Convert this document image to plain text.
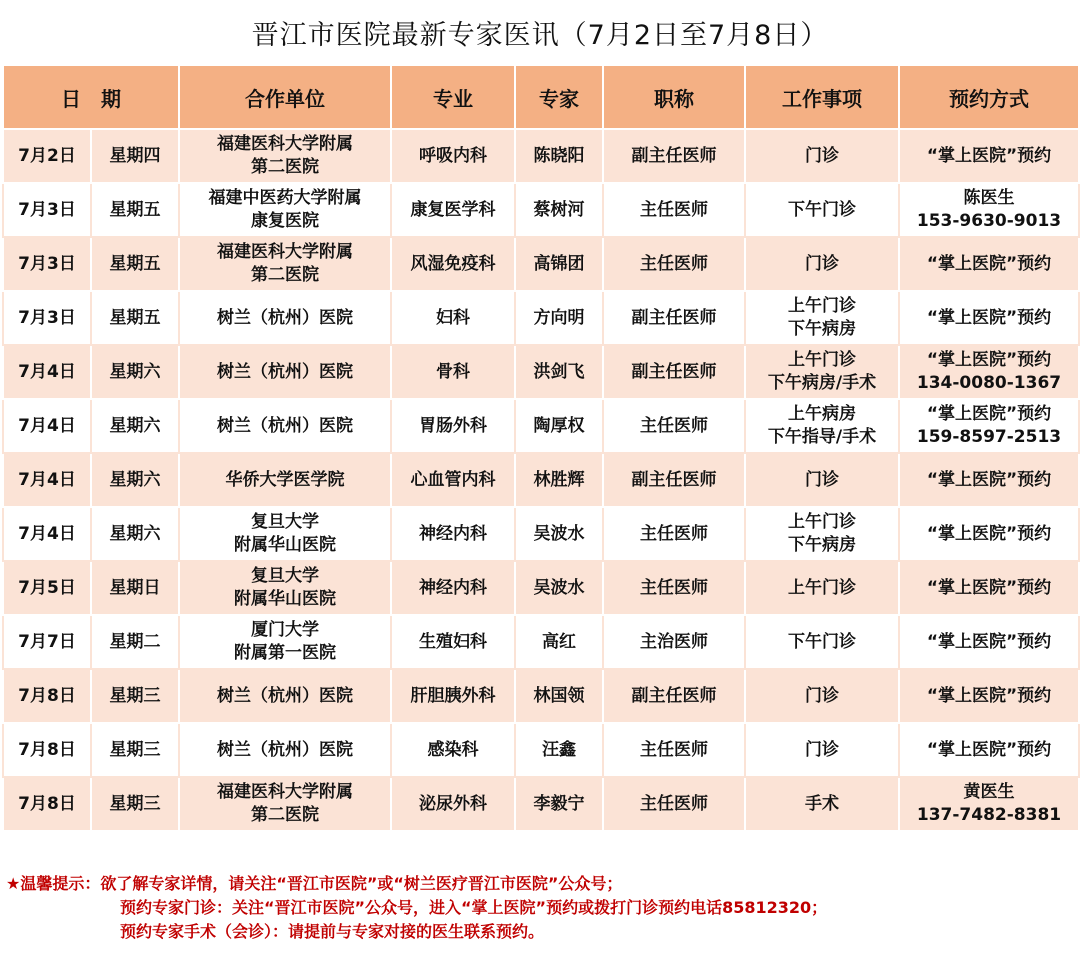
晋江市医院最新专家医讯（7月2日至7月8日）
日　期		合作单位	专业	专家	职称	工作事项	预约方式
7月2日	星期四	福建医科大学附属
第二医院	呼吸内科	陈晓阳	副主任医师	门诊	“掌上医院”预约

7月3日	星期五	福建中医药大学附属
康复医院	康复医学科	蔡树河	主任医师	下午门诊	陈医生
153-9630-9013

7月3日	星期五	福建医科大学附属
第二医院	风湿免疫科	高锦团	主任医师	门诊	“掌上医院”预约

7月3日	星期五	树兰（杭州）医院	妇科	方向明	副主任医师	上午门诊
下午病房	“掌上医院”预约

7月4日	星期六	树兰（杭州）医院	骨科	洪剑飞	副主任医师	上午门诊
下午病房/手术	“掌上医院”预约
134-0080-1367

7月4日	星期六	树兰（杭州）医院	胃肠外科	陶厚权	主任医师	上午病房
下午指导/手术	“掌上医院”预约
159-8597-2513

7月4日	星期六	华侨大学医学院	心血管内科	林胜辉	副主任医师	门诊	“掌上医院”预约

7月4日	星期六	复旦大学
附属华山医院	神经内科	吴波水	主任医师	上午门诊
下午病房	“掌上医院”预约

7月5日	星期日	复旦大学
附属华山医院	神经内科	吴波水	主任医师	上午门诊	“掌上医院”预约

7月7日	星期二	厦门大学
附属第一医院	生殖妇科	高红	主治医师	下午门诊	“掌上医院”预约

7月8日	星期三	树兰（杭州）医院	肝胆胰外科	林国领	副主任医师	门诊	“掌上医院”预约

7月8日	星期三	树兰（杭州）医院	感染科	汪鑫	主任医师	门诊	“掌上医院”预约

7月8日	星期三	福建医科大学附属
第二医院	泌尿外科	李毅宁	主任医师	手术	黄医生
137-7482-8381
★温馨提示：欲了解专家详情，请关注“晋江市医院”或“树兰医疗晋江市医院”公众号；
预约专家门诊：关注“晋江市医院”公众号，进入“掌上医院”预约或拨打门诊预约电话85812320；
预约专家手术（会诊）：请提前与专家对接的医生联系预约。
